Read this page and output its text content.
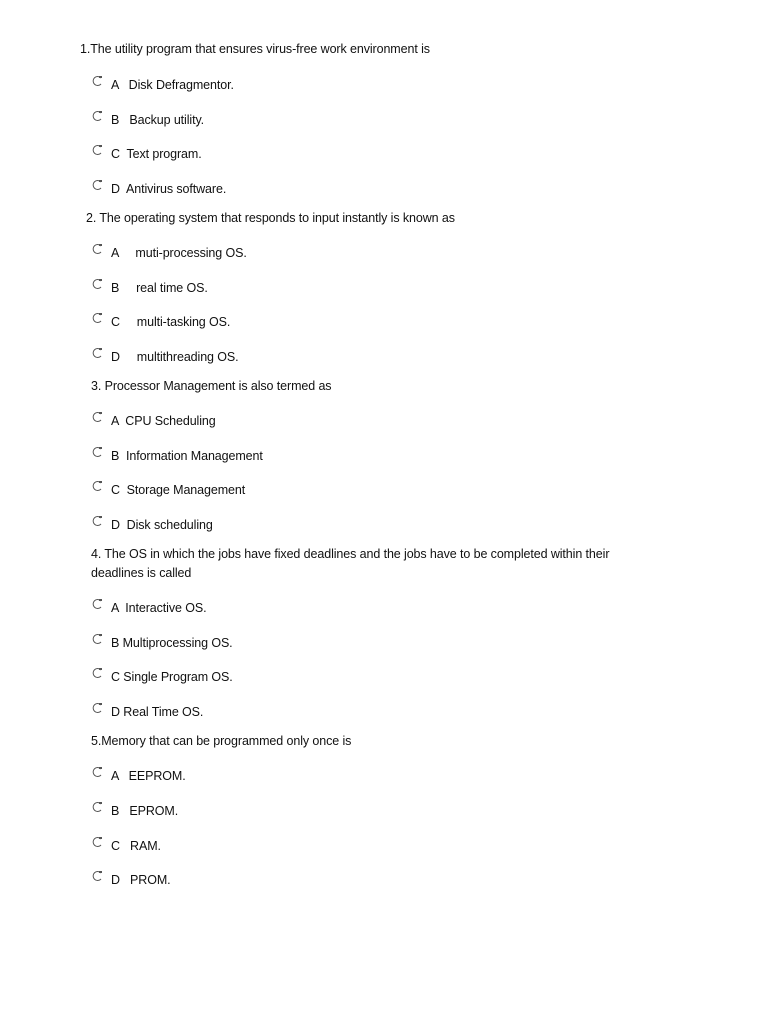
1.The utility program that ensures virus-free work environment is
A   Disk Defragmentor.
B   Backup utility.
C  Text program.
D  Antivirus software.
2. The operating system that responds to input instantly is known as
A     muti-processing OS.
B     real time OS.
C     multi-tasking OS.
D     multithreading OS.
3. Processor Management is also termed as
A  CPU Scheduling
B  Information Management
C  Storage Management
D  Disk scheduling
4. The OS in which the jobs have fixed deadlines and the jobs have to be completed within their deadlines is called
A  Interactive OS.
B Multiprocessing OS.
C Single Program OS.
D Real Time OS.
5.Memory that can be programmed only once is
A   EEPROM.
B   EPROM.
C   RAM.
D   PROM.
